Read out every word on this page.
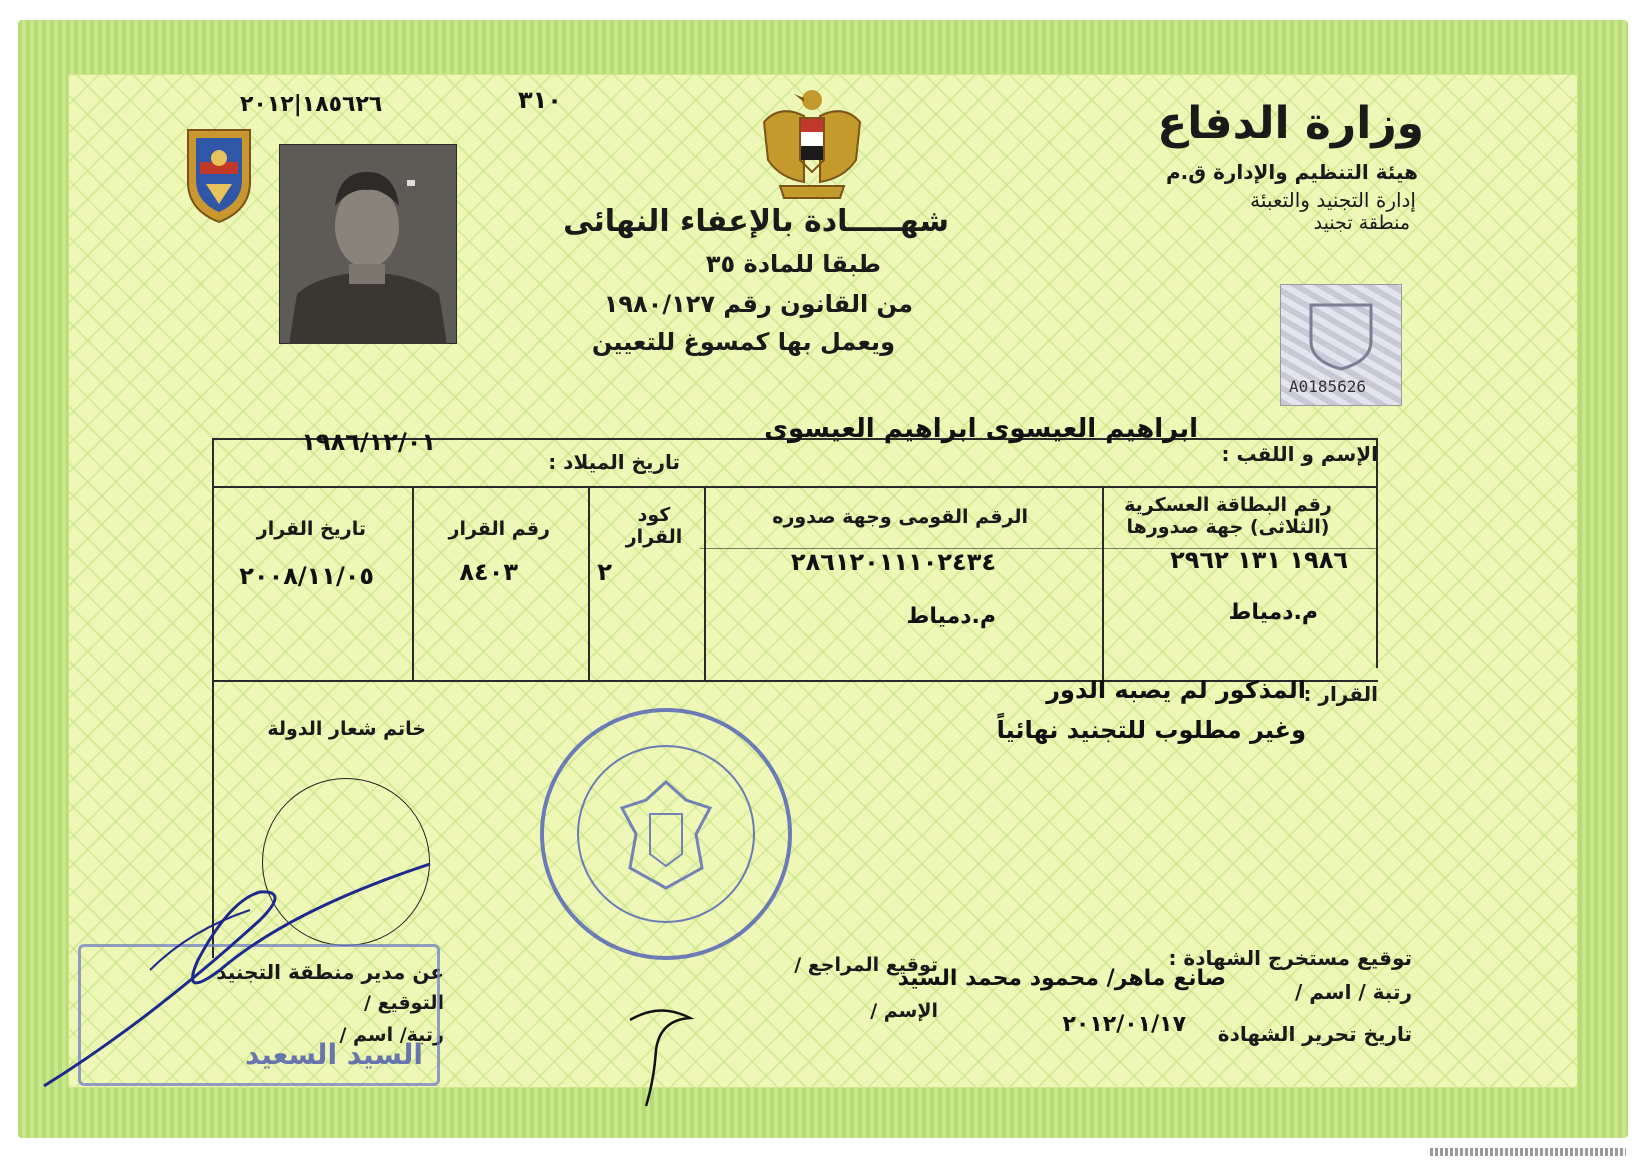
١٨٥٦٢٦|٢٠١٢	٣١٠
شهـــــادة بالإعفاء النهائى
طبقا للمادة ٣٥
من القانون رقم ١٩٨٠/١٢٧
ويعمل بها كمسوغ للتعيين
وزارة الدفاع
هيئة التنظيم والإدارة ق.م
إدارة التجنيد والتعبئة
منطقة تجنيد
A0185626
الإسم و اللقب :
ابراهيم العيسوى ابراهيم العيسوى
تاريخ الميلاد :
١٩٨٦/١٢/٠١
رقم البطاقة العسكرية (الثلاثى) جهة صدورها
الرقم القومى وجهة صدوره
كود القرار
رقم القرار
تاريخ القرار
١٩٨٦ ١٣١ ٢٩٦٢
م.دمياط
٢٨٦١٢٠١١١٠٢٤٣٤
م.دمياط
٢
٨٤٠٣
٢٠٠٨/١١/٠٥
القرار :
المذكور لم يصبه الدور
وغير مطلوب للتجنيد نهائياً
خاتم شعار الدولة
توقيع مستخرج الشهادة :
رتبة / اسم /
صانع ماهر/ محمود محمد السيد
تاريخ تحرير الشهادة
٢٠١٢/٠١/١٧
توقيع المراجع /
الإسم /
عن مدير منطقة التجنيد
التوقيع /
رتبة/ اسم /
السيد السعيد
